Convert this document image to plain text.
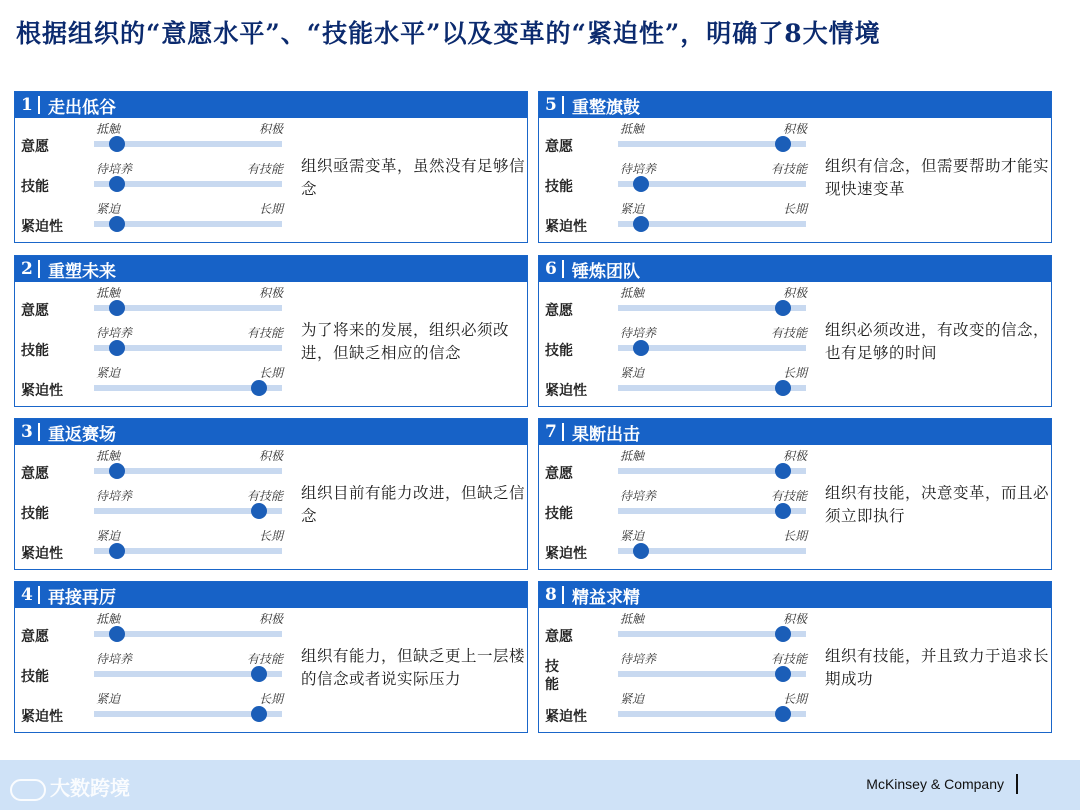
根据组织的“意愿水平”、“技能水平”以及变革的“紧迫性”，明确了8大情境
1 走出低谷
意愿
抵触	积极
技能
待培养	有技能
紧迫性
紧迫	长期
组织亟需变革，虽然没有足够信念
2 重塑未来
意愿
抵触	积极
技能
待培养	有技能
紧迫性
紧迫	长期
为了将来的发展，组织必须改进，但缺乏相应的信念
3 重返赛场
意愿
抵触	积极
技能
待培养	有技能
紧迫性
紧迫	长期
组织目前有能力改进，但缺乏信念
4 再接再厉
意愿
抵触	积极
技能
待培养	有技能
紧迫性
紧迫	长期
组织有能力，但缺乏更上一层楼的信念或者说实际压力
5 重整旗鼓
意愿
抵触	积极
技能
待培养	有技能
紧迫性
紧迫	长期
组织有信念，但需要帮助才能实现快速变革
6 锤炼团队
意愿
抵触	积极
技能
待培养	有技能
紧迫性
紧迫	长期
组织必须改进，有改变的信念，也有足够的时间
7 果断出击
意愿
抵触	积极
技能
待培养	有技能
紧迫性
紧迫	长期
组织有技能，决意变革，而且必须立即执行
8 精益求精
意愿
抵触	积极
技
能
待培养	有技能
紧迫性
紧迫	长期
组织有技能，并且致力于追求长期成功
大数跨境	McKinsey & Company
